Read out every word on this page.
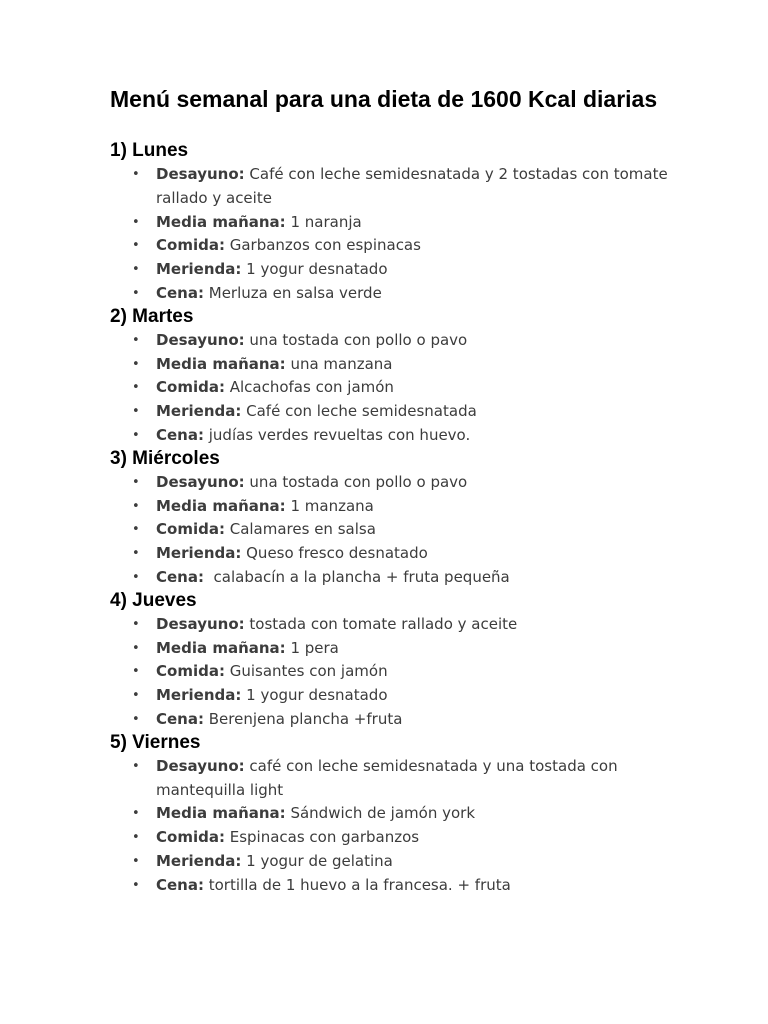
Menú semanal para una dieta de 1600 Kcal diarias
1) Lunes
• Desayuno: Café con leche semidesnatada y 2 tostadas con tomate rallado y aceite
• Media mañana: 1 naranja
• Comida: Garbanzos con espinacas
• Merienda: 1 yogur desnatado
• Cena: Merluza en salsa verde
2) Martes
• Desayuno: una tostada con pollo o pavo
• Media mañana: una manzana
• Comida: Alcachofas con jamón
• Merienda: Café con leche semidesnatada
• Cena: judías verdes revueltas con huevo.
3) Miércoles
• Desayuno: una tostada con pollo o pavo
• Media mañana: 1 manzana
• Comida: Calamares en salsa
• Merienda: Queso fresco desnatado
• Cena:  calabacín a la plancha + fruta pequeña
4) Jueves
• Desayuno: tostada con tomate rallado y aceite
• Media mañana: 1 pera
• Comida: Guisantes con jamón
• Merienda: 1 yogur desnatado
• Cena: Berenjena plancha +fruta
5) Viernes
• Desayuno: café con leche semidesnatada y una tostada con mantequilla light
• Media mañana: Sándwich de jamón york
• Comida: Espinacas con garbanzos
• Merienda: 1 yogur de gelatina
• Cena: tortilla de 1 huevo a la francesa. + fruta
